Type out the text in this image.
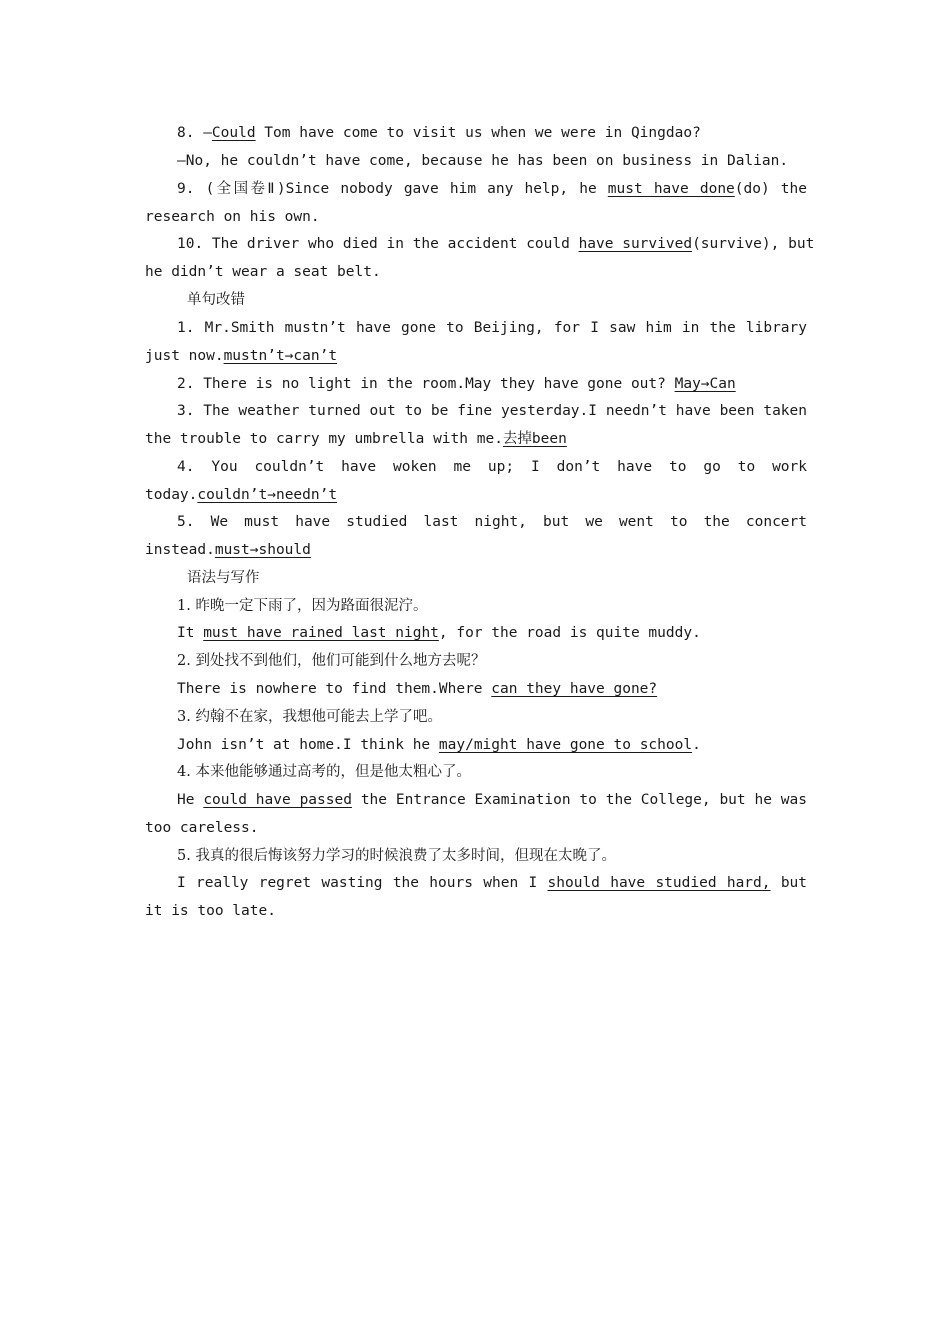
8. —Could Tom have come to visit us when we were in Qingdao?
—No, he couldn’t have come, because he has been on business in Dalian.
9. (全国卷Ⅱ)Since nobody gave him any help, he must have done(do) the
research on his own.
10. The driver who died in the accident could have survived(survive), but
he didn’t wear a seat belt.
单句改错
1. Mr.Smith mustn’t have gone to Beijing, for I saw him in the library
just now.mustn’t→can’t
2. There is no light in the room.May they have gone out? May→Can
3. The weather turned out to be fine yesterday.I needn’t have been taken
the trouble to carry my umbrella with me.去掉been
4. You couldn’t have woken me up; I don’t have to go to work
today.couldn’t→needn’t
5. We must have studied last night, but we went to the concert
instead.must→should
语法与写作
1. 昨晚一定下雨了，因为路面很泥泞。
It must have rained last night, for the road is quite muddy.
2. 到处找不到他们，他们可能到什么地方去呢？
There is nowhere to find them.Where can they have gone?
3. 约翰不在家，我想他可能去上学了吧。
John isn’t at home.I think he may/might have gone to school.
4. 本来他能够通过高考的，但是他太粗心了。
He could have passed the Entrance Examination to the College, but he was
too careless.
5. 我真的很后悔该努力学习的时候浪费了太多时间，但现在太晚了。
I really regret wasting the hours when I should have studied hard, but
it is too late.
